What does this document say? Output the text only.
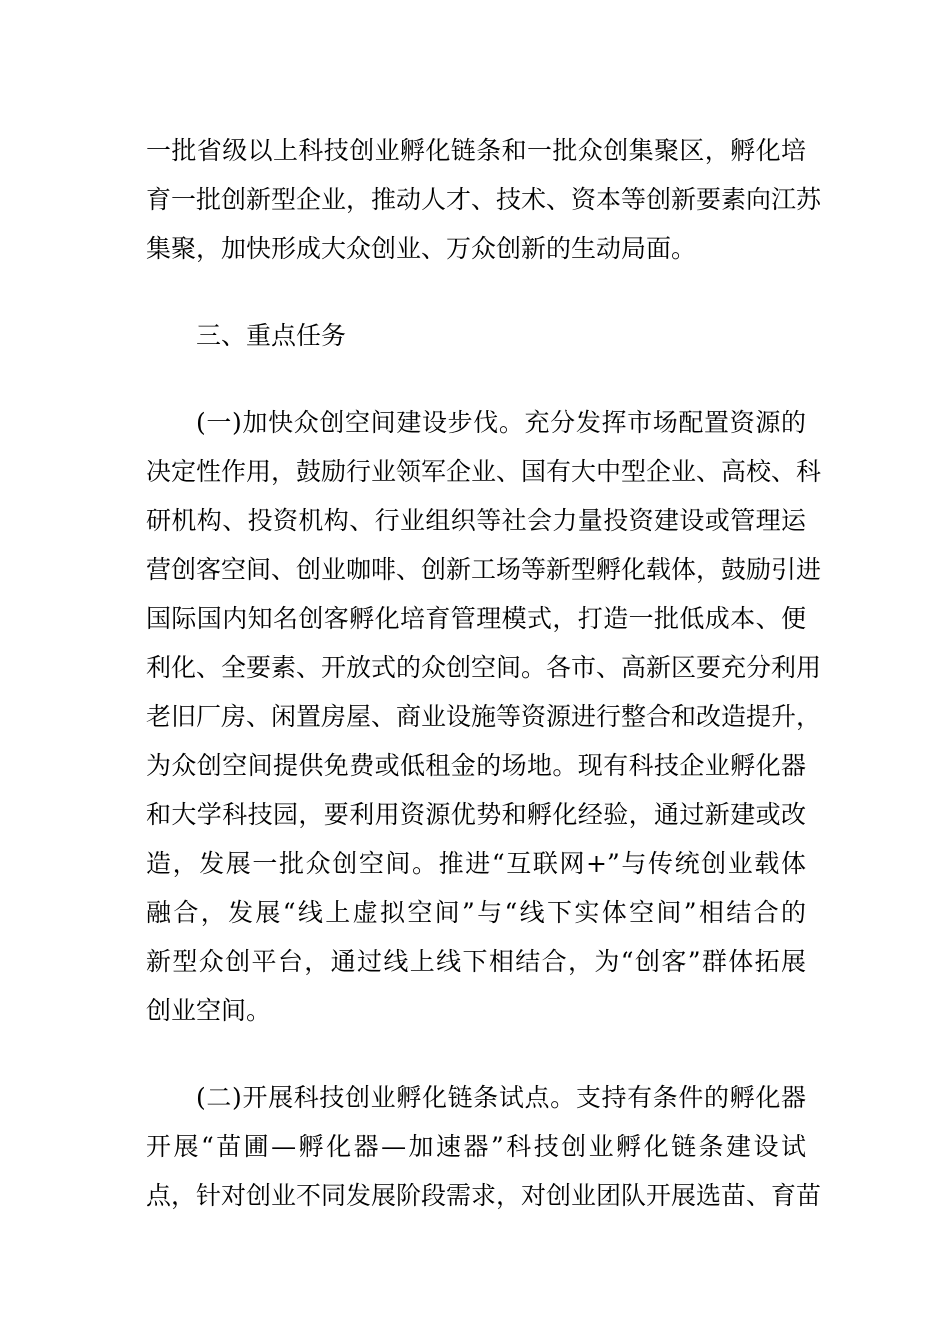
一批省级以上科技创业孵化链条和一批众创集聚区，孵化培
育一批创新型企业，推动人才、技术、资本等创新要素向江苏
集聚，加快形成大众创业、万众创新的生动局面。
三、重点任务
(一)加快众创空间建设步伐。充分发挥市场配置资源的
决定性作用，鼓励行业领军企业、国有大中型企业、高校、科
研机构、投资机构、行业组织等社会力量投资建设或管理运
营创客空间、创业咖啡、创新工场等新型孵化载体，鼓励引进
国际国内知名创客孵化培育管理模式，打造一批低成本、便
利化、全要素、开放式的众创空间。各市、高新区要充分利用
老旧厂房、闲置房屋、商业设施等资源进行整合和改造提升，
为众创空间提供免费或低租金的场地。现有科技企业孵化器
和大学科技园，要利用资源优势和孵化经验，通过新建或改
造，发展一批众创空间。推进“互联网+”与传统创业载体
融合，发展“线上虚拟空间”与“线下实体空间”相结合的
新型众创平台，通过线上线下相结合，为“创客”群体拓展
创业空间。
(二)开展科技创业孵化链条试点。支持有条件的孵化器
开展“苗圃—孵化器—加速器”科技创业孵化链条建设试
点，针对创业不同发展阶段需求，对创业团队开展选苗、育苗
